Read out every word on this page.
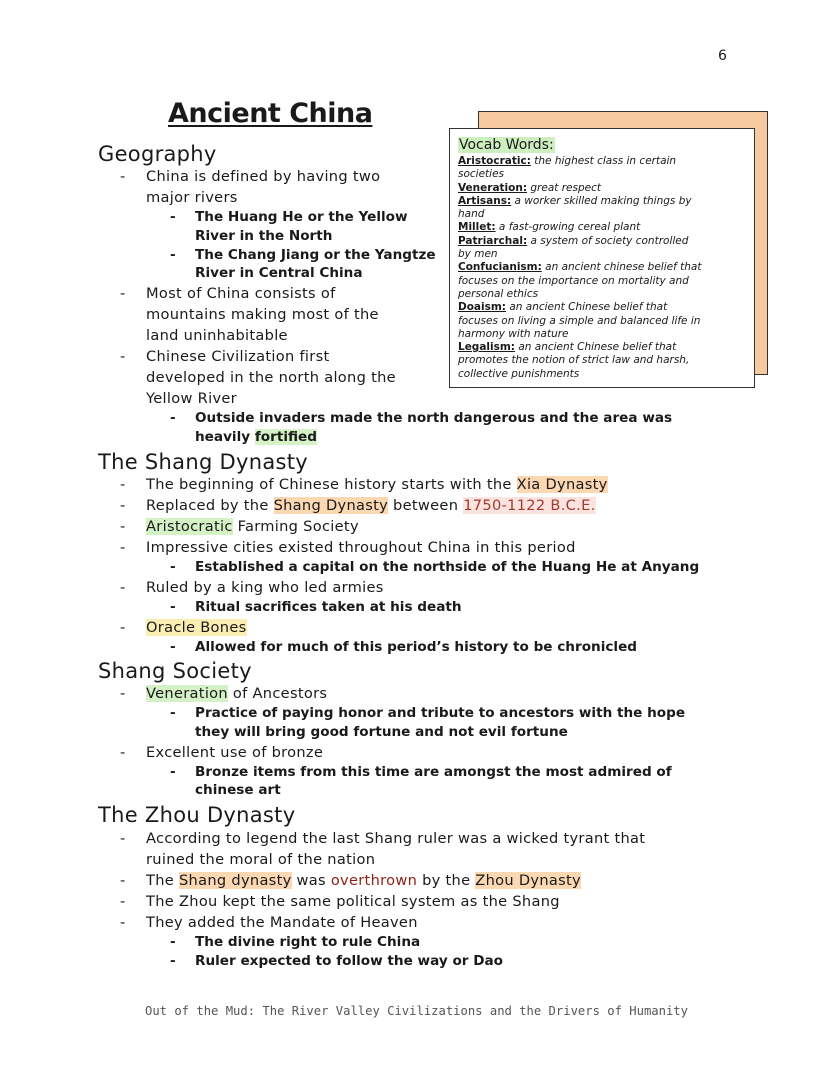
6
Ancient China
Vocab Words:
Aristocratic: the highest class in certain
societies
Veneration: great respect
Artisans: a worker skilled making things by
hand
Millet: a fast-growing cereal plant
Patriarchal: a system of society controlled
by men
Confucianism: an ancient chinese belief that
focuses on the importance on mortality and
personal ethics
Doaism: an ancient Chinese belief that
focuses on living a simple and balanced life in
harmony with nature
Legalism: an ancient Chinese belief that
promotes the notion of strict law and harsh,
collective punishments
Geography
- China is defined by having two
major rivers
- The Huang He or the Yellow
River in the North
- The Chang Jiang or the Yangtze
River in Central China
- Most of China consists of
mountains making most of the
land uninhabitable
- Chinese Civilization first
developed in the north along the
Yellow River
- Outside invaders made the north dangerous and the area was
heavily fortified
The Shang Dynasty
- The beginning of Chinese history starts with the Xia Dynasty
- Replaced by the Shang Dynasty between 1750-1122 B.C.E.
- Aristocratic Farming Society
- Impressive cities existed throughout China in this period
- Established a capital on the northside of the Huang He at Anyang
- Ruled by a king who led armies
- Ritual sacrifices taken at his death
- Oracle Bones
- Allowed for much of this period’s history to be chronicled
Shang Society
- Veneration of Ancestors
- Practice of paying honor and tribute to ancestors with the hope
they will bring good fortune and not evil fortune
- Excellent use of bronze
- Bronze items from this time are amongst the most admired of
chinese art
The Zhou Dynasty
- According to legend the last Shang ruler was a wicked tyrant that
ruined the moral of the nation
- The Shang dynasty was overthrown by the Zhou Dynasty
- The Zhou kept the same political system as the Shang
- They added the Mandate of Heaven
- The divine right to rule China
- Ruler expected to follow the way or Dao
Out of the Mud: The River Valley Civilizations and the Drivers of Humanity
